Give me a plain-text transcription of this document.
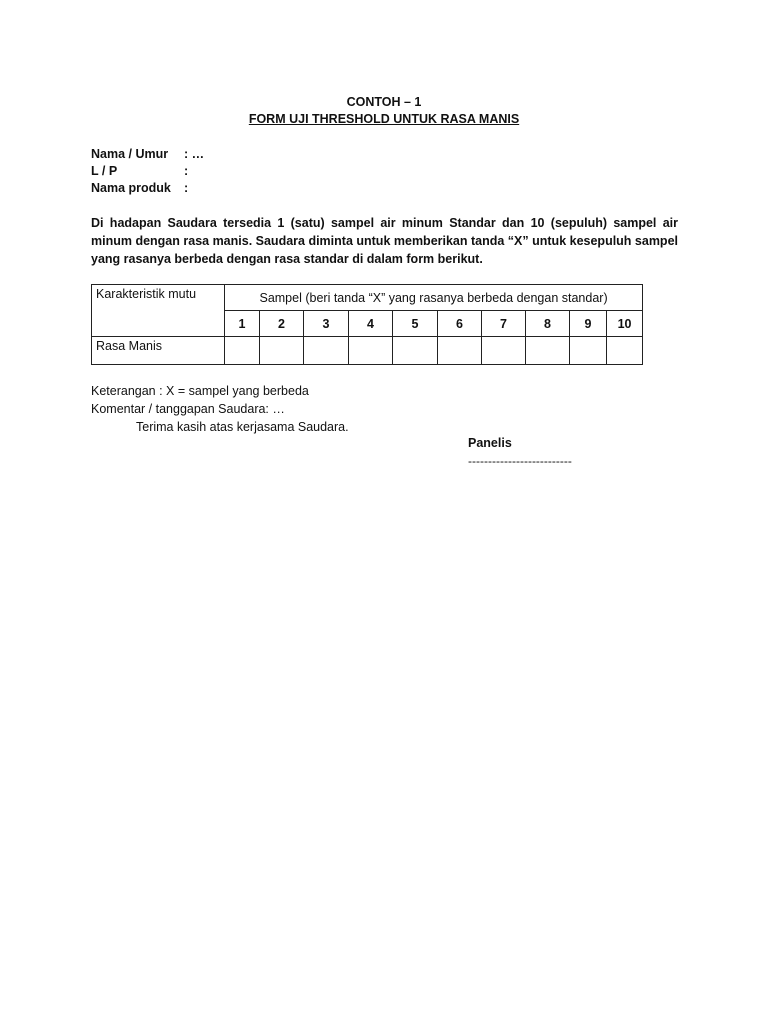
CONTOH – 1
FORM UJI THRESHOLD UNTUK RASA MANIS
Nama / Umur	: …
L / P	:
Nama produk	:
Di hadapan Saudara tersedia 1 (satu) sampel air minum Standar dan 10 (sepuluh) sampel air minum dengan rasa manis. Saudara diminta untuk memberikan tanda “X” untuk kesepuluh sampel yang rasanya berbeda dengan rasa standar di dalam form berikut.
Karakteristik mutu	Sampel (beri tanda “X” yang rasanya berbeda dengan standar)									
	1	2	3	4	5	6	7	8	9	10
Rasa Manis										
Keterangan : X = sampel yang berbeda
Komentar / tanggapan Saudara: …
Terima kasih atas kerjasama Saudara.
Panelis
--------------------------
